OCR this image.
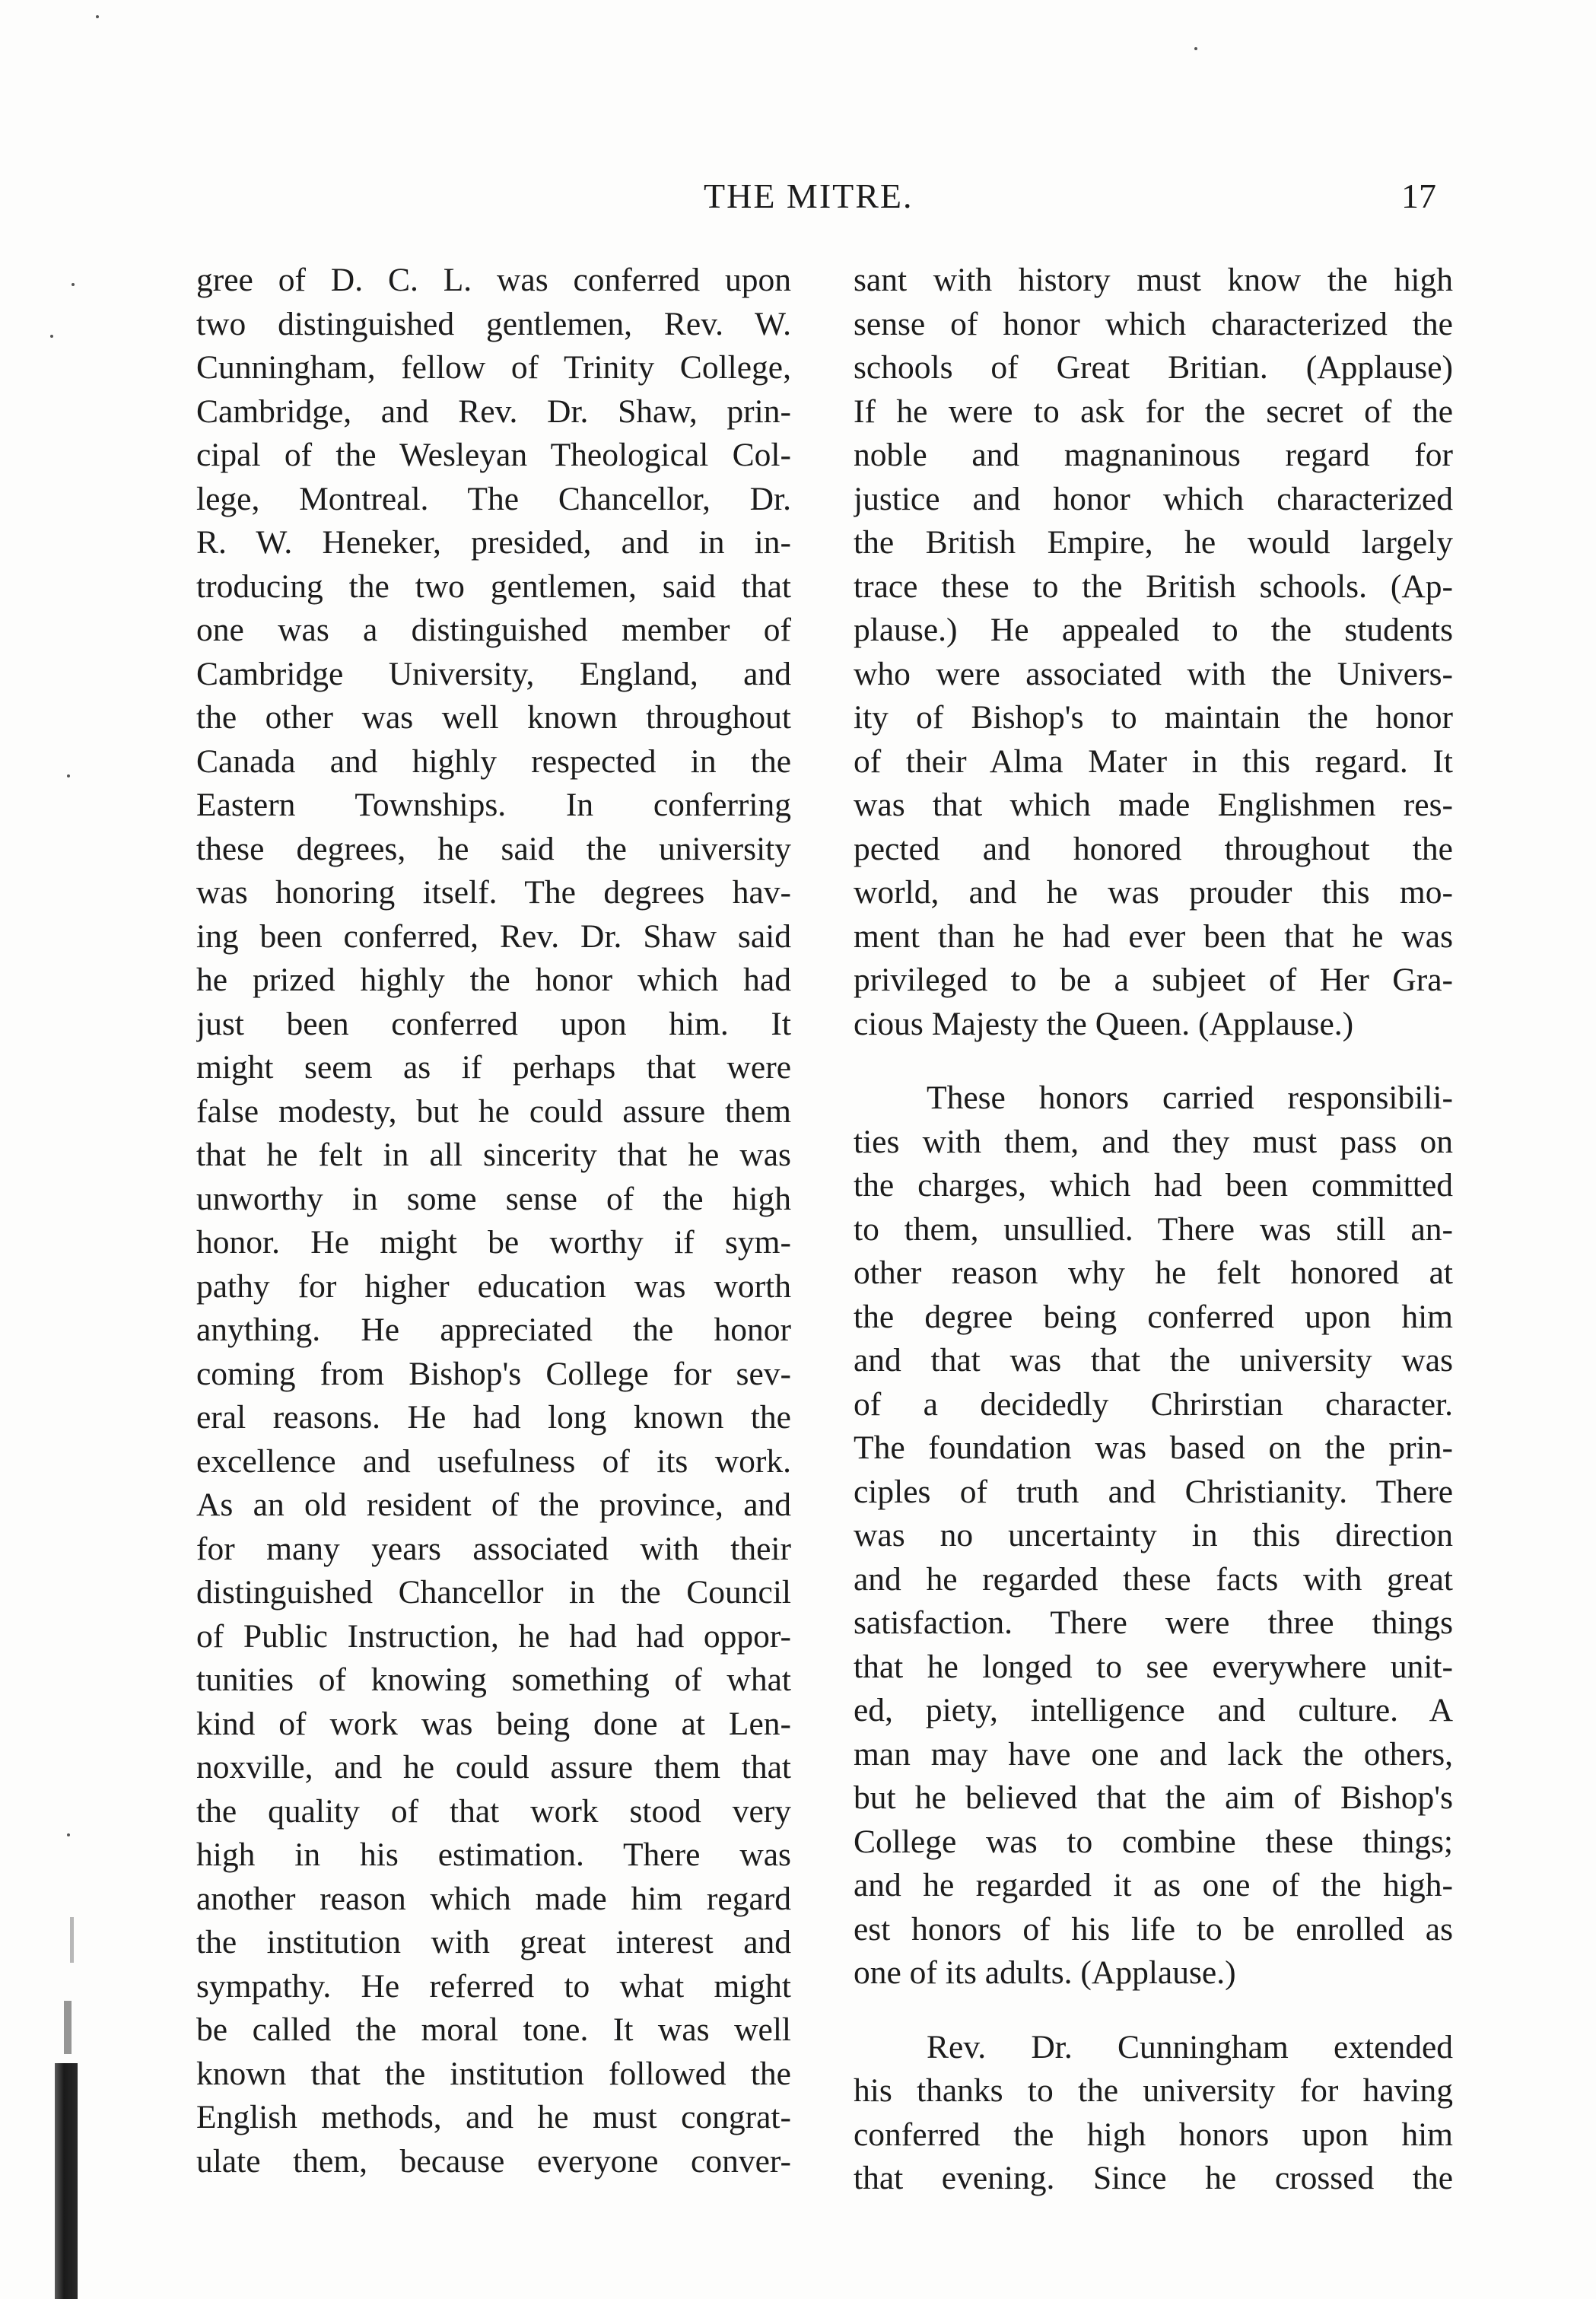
THE MITRE.	17
gree of D. C. L. was conferred upon
two distinguished gentlemen, Rev. W.
Cunningham, fellow of Trinity College,
Cambridge, and Rev. Dr. Shaw, prin-
cipal of the Wesleyan Theological Col-
lege, Montreal. The Chancellor, Dr.
R. W. Heneker, presided, and in in-
troducing the two gentlemen, said that
one was a distinguished member of
Cambridge University, England, and
the other was well known throughout
Canada and highly respected in the
Eastern Townships. In conferring
these degrees, he said the university
was honoring itself. The degrees hav-
ing been conferred, Rev. Dr. Shaw said
he prized highly the honor which had
just been conferred upon him. It
might seem as if perhaps that were
false modesty, but he could assure them
that he felt in all sincerity that he was
unworthy in some sense of the high
honor. He might be worthy if sym-
pathy for higher education was worth
anything. He appreciated the honor
coming from Bishop's College for sev-
eral reasons. He had long known the
excellence and usefulness of its work.
As an old resident of the province, and
for many years associated with their
distinguished Chancellor in the Council
of Public Instruction, he had had oppor-
tunities of knowing something of what
kind of work was being done at Len-
noxville, and he could assure them that
the quality of that work stood very
high in his estimation. There was
another reason which made him regard
the institution with great interest and
sympathy. He referred to what might
be called the moral tone. It was well
known that the institution followed the
English methods, and he must congrat-
ulate them, because everyone conver-
sant with history must know the high
sense of honor which characterized the
schools of Great Britian. (Applause)
If he were to ask for the secret of the
noble and magnaninous regard for
justice and honor which characterized
the British Empire, he would largely
trace these to the British schools. (Ap-
plause.) He appealed to the students
who were associated with the Univers-
ity of Bishop's to maintain the honor
of their Alma Mater in this regard. It
was that which made Englishmen res-
pected and honored throughout the
world, and he was prouder this mo-
ment than he had ever been that he was
privileged to be a subjeet of Her Gra-
cious Majesty the Queen. (Applause.)
These honors carried responsibili-
ties with them, and they must pass on
the charges, which had been committed
to them, unsullied. There was still an-
other reason why he felt honored at
the degree being conferred upon him
and that was that the university was
of a decidedly Chrirstian character.
The foundation was based on the prin-
ciples of truth and Christianity. There
was no uncertainty in this direction
and he regarded these facts with great
satisfaction. There were three things
that he longed to see everywhere unit-
ed, piety, intelligence and culture. A
man may have one and lack the others,
but he believed that the aim of Bishop's
College was to combine these things;
and he regarded it as one of the high-
est honors of his life to be enrolled as
one of its adults. (Applause.)
Rev. Dr. Cunningham extended
his thanks to the university for having
conferred the high honors upon him
that evening. Since he crossed the
